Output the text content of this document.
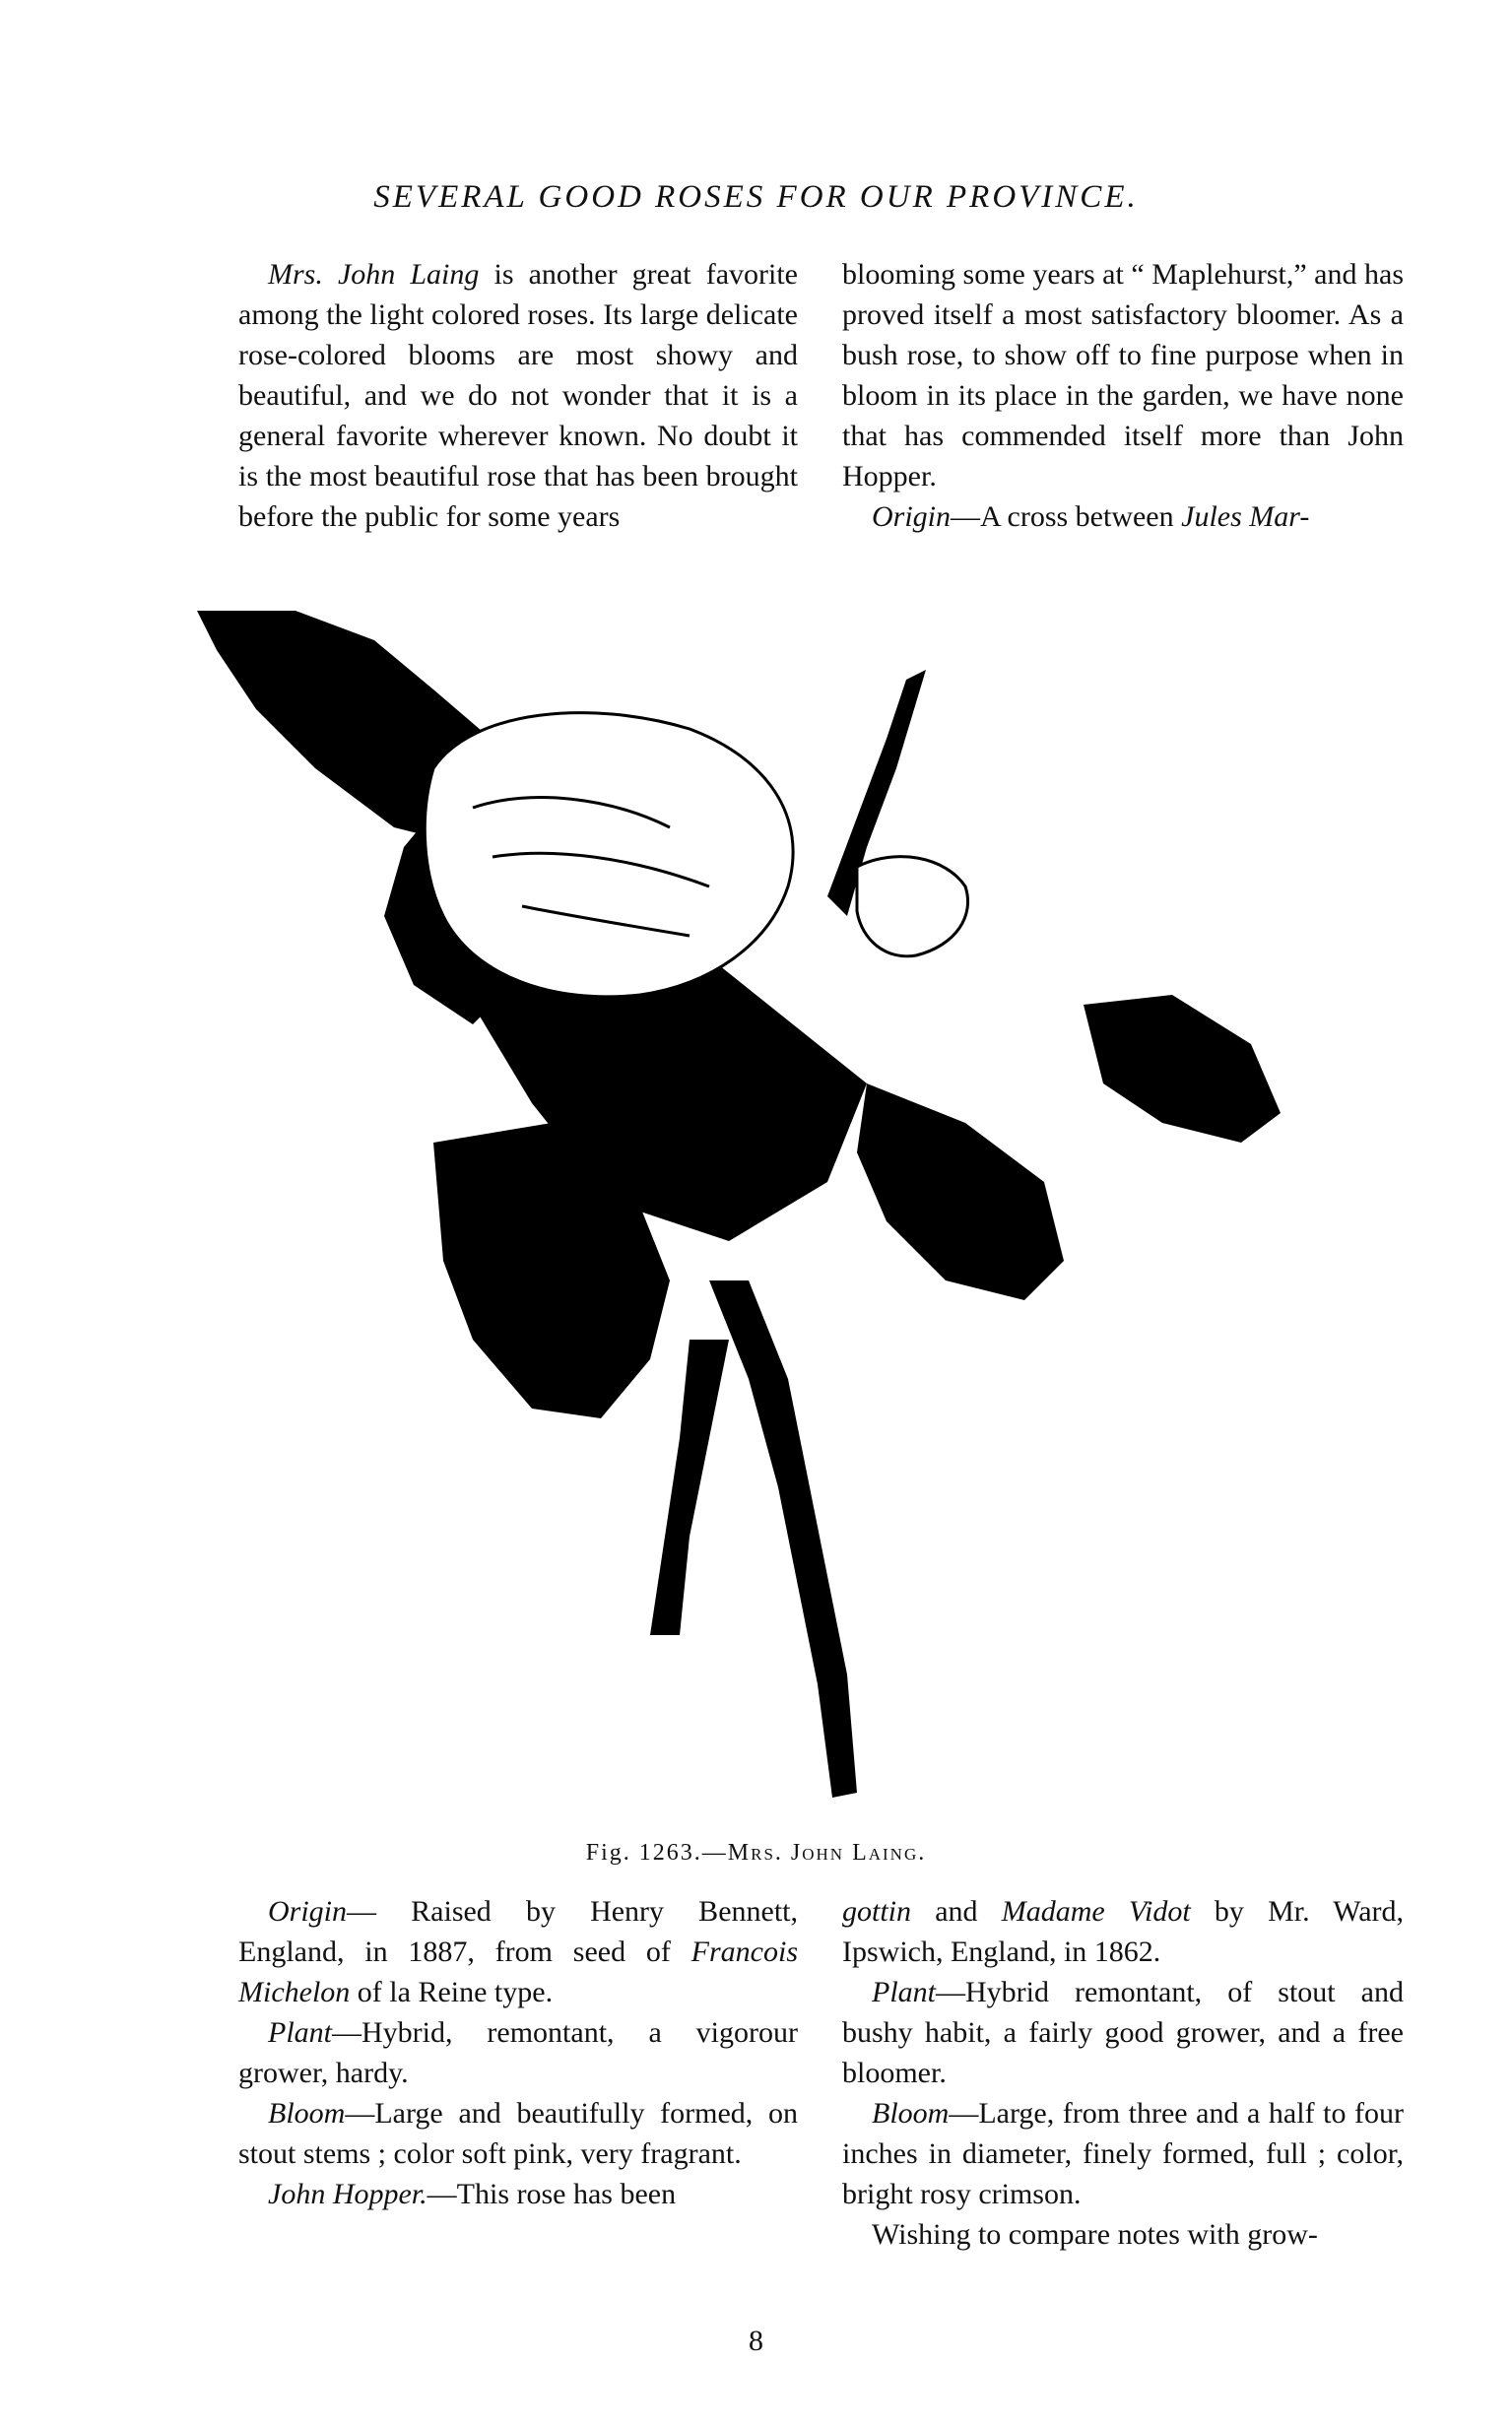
SEVERAL GOOD ROSES FOR OUR PROVINCE.

Mrs. John Laing is another great favorite among the light colored roses. Its large delicate rose-colored blooms are most showy and beautiful, and we do not wonder that it is a general favorite wherever known. No doubt it is the most beautiful rose that has been brought before the public for some years

blooming some years at “ Maplehurst,” and has proved itself a most satisfactory bloomer. As a bush rose, to show off to fine purpose when in bloom in its place in the garden, we have none that has commended itself more than John Hopper.

Origin—A cross between Jules Mar-

Fig. 1263.—Mrs. John Laing.

Origin— Raised by Henry Bennett, England, in 1887, from seed of Francois Michelon of la Reine type.

Plant—Hybrid, remontant, a vigorour grower, hardy.

Bloom—Large and beautifully formed, on stout stems ; color soft pink, very fragrant.

John Hopper.—This rose has been

gottin and Madame Vidot by Mr. Ward, Ipswich, England, in 1862.

Plant—Hybrid remontant, of stout and bushy habit, a fairly good grower, and a free bloomer.

Bloom—Large, from three and a half to four inches in diameter, finely formed, full ; color, bright rosy crimson.

Wishing to compare notes with grow-

8
